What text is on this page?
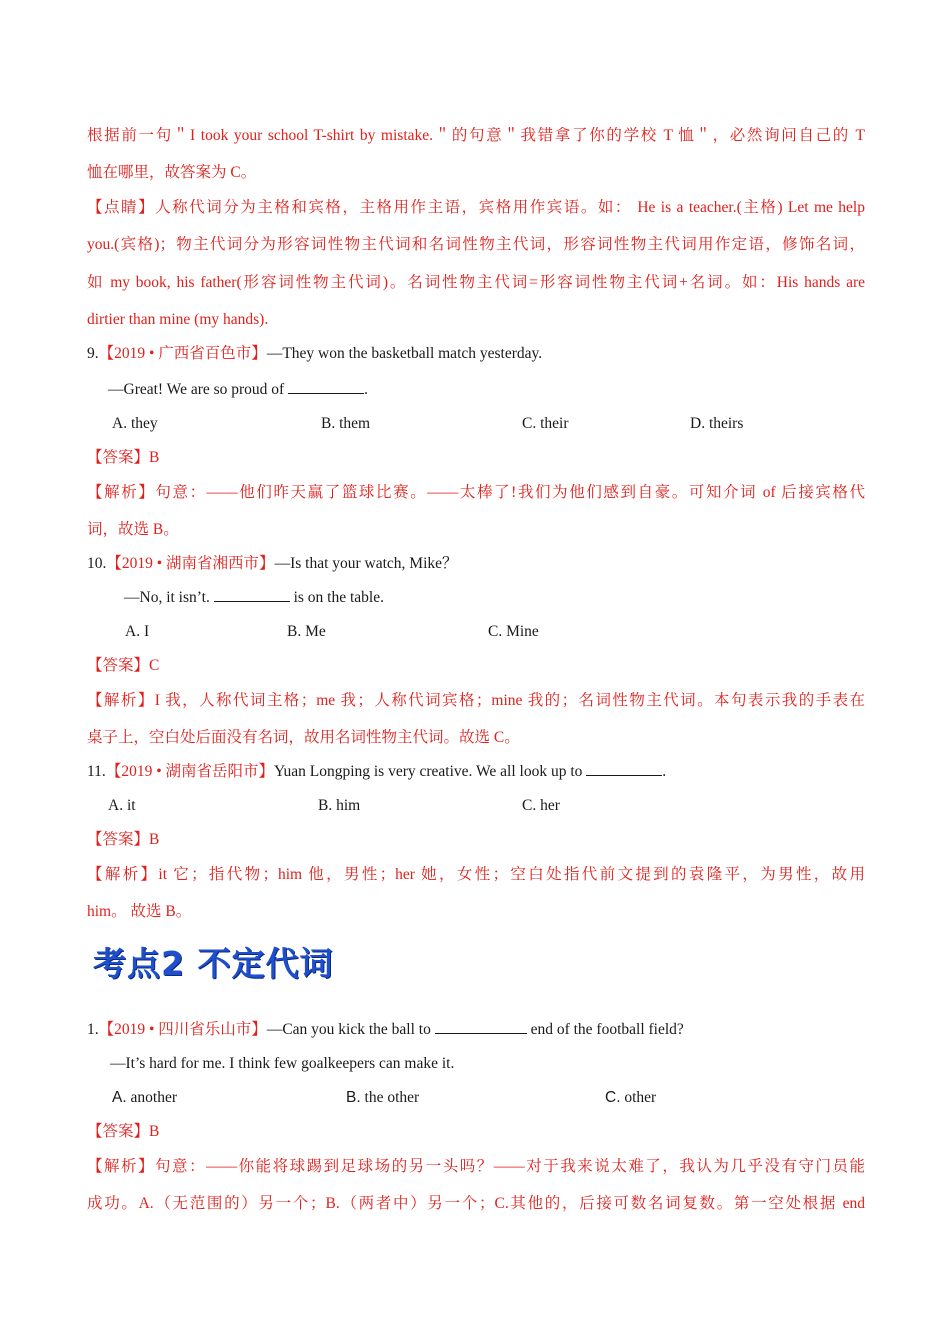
根据前一句＂I took your school T-shirt by mistake.＂的句意＂我错拿了你的学校 T 恤＂，必然询问自己的 T
恤在哪里，故答案为 C。
【点睛】人称代词分为主格和宾格，主格用作主语，宾格用作宾语。如： He is a teacher.(主格) Let me help
you.(宾格)；物主代词分为形容词性物主代词和名词性物主代词，形容词性物主代词用作定语，修饰名词，
如 my book, his father(形容词性物主代词)。名词性物主代词=形容词性物主代词+名词。如：His hands are
dirtier than mine (my hands).
9.【2019 • 广西省百色市】—They won the basketball match yesterday.
—Great! We are so proud of	.
A. they	B. them	C. their	D. theirs
【答案】B
【解析】句意：——他们昨天赢了篮球比赛。——太棒了!我们为他们感到自豪。可知介词 of 后接宾格代
词，故选 B。
10.【2019 • 湖南省湘西市】—Is that your watch, Mike？
—No, it isn’t.	is on the table.
A. I	B. Me	C. Mine
【答案】C
【解析】I 我，人称代词主格；me 我；人称代词宾格；mine 我的；名词性物主代词。本句表示我的手表在
桌子上，空白处后面没有名词，故用名词性物主代词。故选 C。
11.【2019 • 湖南省岳阳市】Yuan Longping is very creative. We all look up to	.
A. it	B. him	C. her
【答案】B
【解析】it 它；指代物；him 他，男性；her 她，女性；空白处指代前文提到的袁隆平，为男性，故用
him。 故选 B。
考点2 不定代词
1.【2019 • 四川省乐山市】—Can you kick the ball to	end of the football field?
—It’s hard for me. I think few goalkeepers can make it.
A. another	B. the other	C. other
【答案】B
【解析】句意：——你能将球踢到足球场的另一头吗？——对于我来说太难了，我认为几乎没有守门员能
成功。A.（无范围的）另一个；B.（两者中）另一个；C.其他的，后接可数名词复数。第一空处根据 end
